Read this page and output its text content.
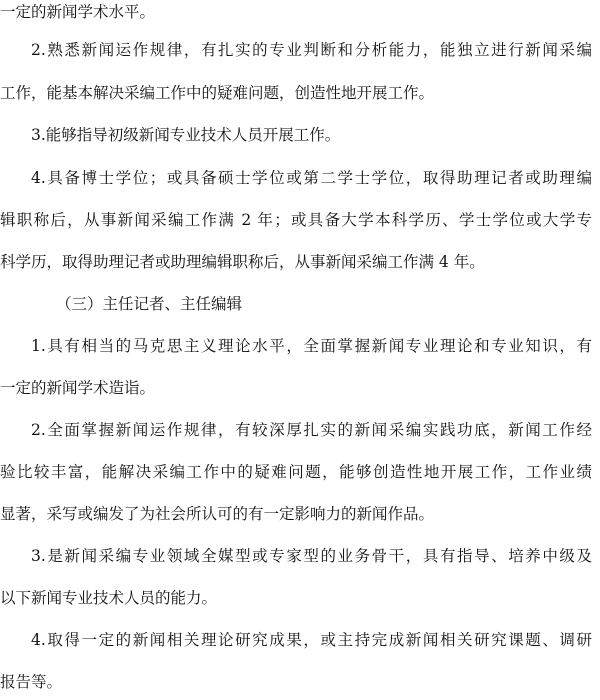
一定的新闻学术水平。
2.熟悉新闻运作规律，有扎实的专业判断和分析能力，能独立进行新闻采编
工作，能基本解决采编工作中的疑难问题，创造性地开展工作。
3.能够指导初级新闻专业技术人员开展工作。
4.具备博士学位；或具备硕士学位或第二学士学位，取得助理记者或助理编
辑职称后，从事新闻采编工作满 2 年；或具备大学本科学历、学士学位或大学专
科学历，取得助理记者或助理编辑职称后，从事新闻采编工作满 4 年。
（三）主任记者、主任编辑
1.具有相当的马克思主义理论水平，全面掌握新闻专业理论和专业知识，有
一定的新闻学术造诣。
2.全面掌握新闻运作规律，有较深厚扎实的新闻采编实践功底，新闻工作经
验比较丰富，能解决采编工作中的疑难问题，能够创造性地开展工作，工作业绩
显著，采写或编发了为社会所认可的有一定影响力的新闻作品。
3.是新闻采编专业领域全媒型或专家型的业务骨干，具有指导、培养中级及
以下新闻专业技术人员的能力。
4.取得一定的新闻相关理论研究成果，或主持完成新闻相关研究课题、调研
报告等。
